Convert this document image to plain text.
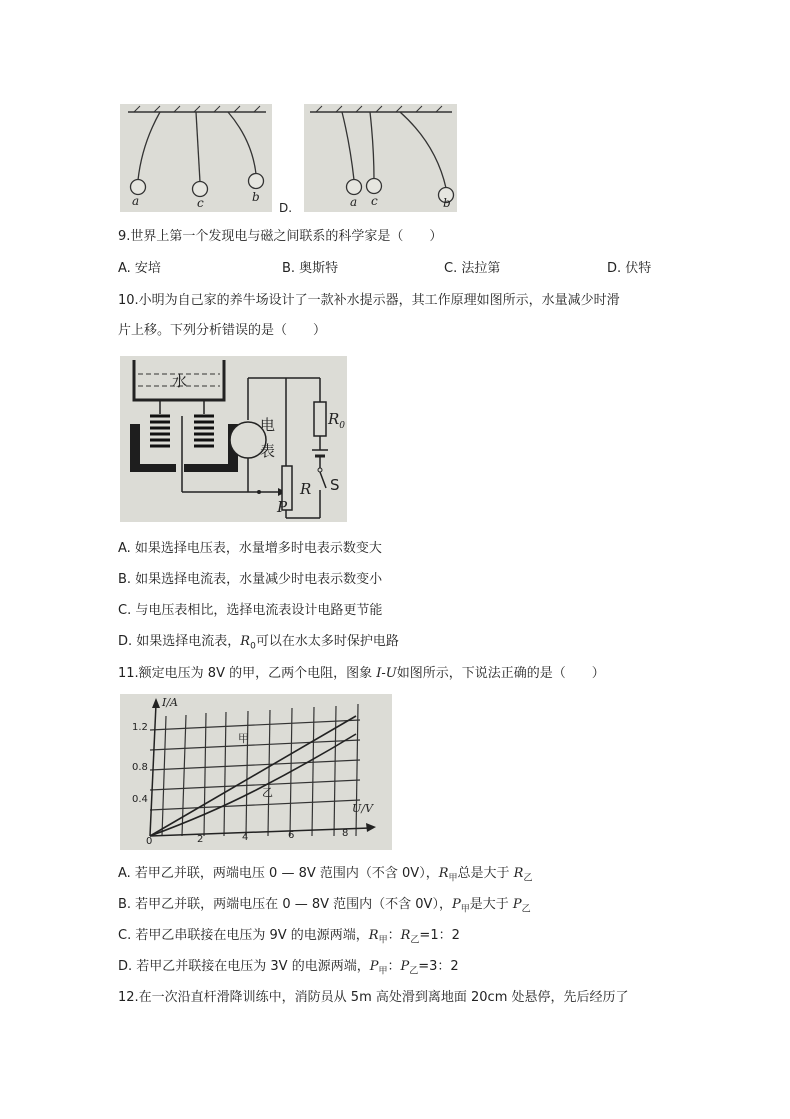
a	c	b
D.	a c	b
9.世界上第一个发现电与磁之间联系的科学家是（　　）
A. 安培	B. 奥斯特	C. 法拉第	D. 伏特
10.小明为自己家的养牛场设计了一款补水提示器，其工作原理如图所示，水量减少时滑
片上移。下列分析错误的是（　　）
水
电
表
$R_0$
R S
P
A. 如果选择电压表，水量增多时电表示数变大
B. 如果选择电流表，水量减少时电表示数变小
C. 与电压表相比，选择电流表设计电路更节能
D. 如果选择电流表，$R_0$可以在水太多时保护电路
11.额定电压为 8V 的甲，乙两个电阻，图象 I-U如图所示，下说法正确的是（　　）
I/A
U/V
1.2
0.8
0.4
0	2	4	6	8
甲
乙
A. 若甲乙并联，两端电压 0 — 8V 范围内（不含 0V），$R_甲$总是大于 $R_乙$
B. 若甲乙并联，两端电压在 0 — 8V 范围内（不含 0V），$P_甲$是大于 $P_乙$
C. 若甲乙串联接在电压为 9V 的电源两端，$R_甲$：$R_乙=1$：2
D. 若甲乙并联接在电压为 3V 的电源两端，$P_甲$：$P_乙=3$：2
12.在一次沿直杆滑降训练中，消防员从 5m 高处滑到离地面 20cm 处悬停，先后经历了
